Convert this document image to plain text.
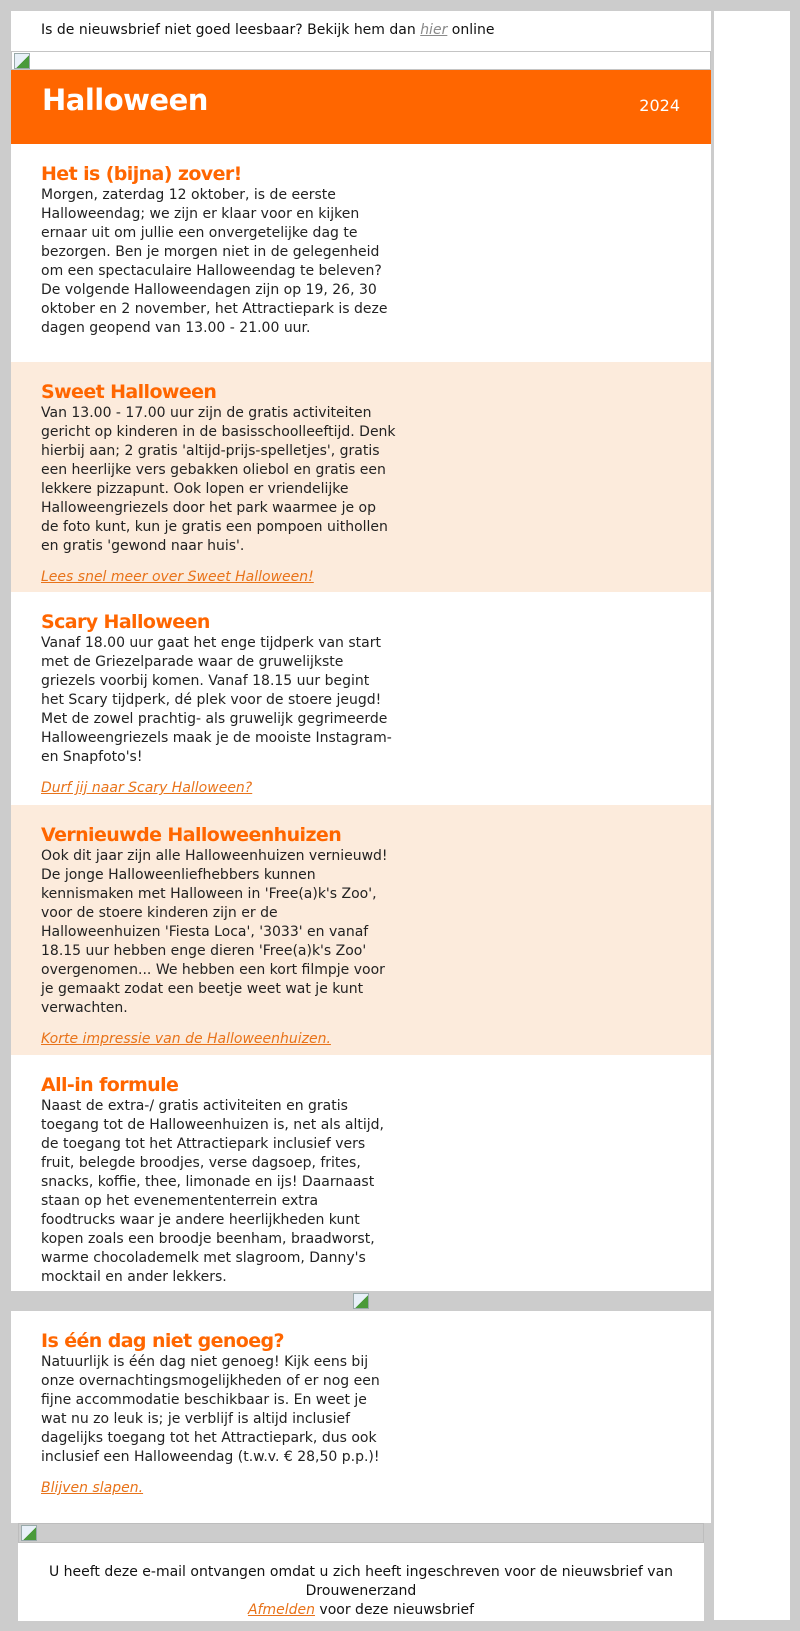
Is de nieuwsbrief niet goed leesbaar? Bekijk hem dan hier online
Halloween	2024
Het is (bijna) zover!

Morgen, zaterdag 12 oktober, is de eerste Halloweendag; we zijn er klaar voor en kijken ernaar uit om jullie een onvergetelijke dag te bezorgen. Ben je morgen niet in de gelegenheid om een spectaculaire Halloweendag te beleven? De volgende Halloweendagen zijn op 19, 26, 30 oktober en 2 november, het Attractiepark is deze dagen geopend van 13.00 - 21.00 uur.

Sweet Halloween

Van 13.00 - 17.00 uur zijn de gratis activiteiten gericht op kinderen in de basisschoolleeftijd. Denk hierbij aan; 2 gratis 'altijd-prijs-spelletjes', gratis een heerlijke vers gebakken oliebol en gratis een lekkere pizzapunt. Ook lopen er vriendelijke Halloweengriezels door het park waarmee je op de foto kunt, kun je gratis een pompoen uithollen en gratis 'gewond naar huis'.

Lees snel meer over Sweet Halloween!
Scary Halloween

Vanaf 18.00 uur gaat het enge tijdperk van start met de Griezelparade waar de gruwelijkste griezels voorbij komen. Vanaf 18.15 uur begint het Scary tijdperk, dé plek voor de stoere jeugd! Met de zowel prachtig- als gruwelijk gegrimeerde Halloweengriezels maak je de mooiste Instagram- en Snapfoto's!

Durf jij naar Scary Halloween?
Vernieuwde Halloweenhuizen

Ook dit jaar zijn alle Halloweenhuizen vernieuwd! De jonge Halloweenliefhebbers kunnen kennismaken met Halloween in 'Free(a)k's Zoo', voor de stoere kinderen zijn er de Halloweenhuizen 'Fiesta Loca', '3033' en vanaf 18.15 uur hebben enge dieren 'Free(a)k's Zoo' overgenomen... We hebben een kort filmpje voor je gemaakt zodat een beetje weet wat je kunt verwachten.

Korte impressie van de Halloweenhuizen.
All-in formule

Naast de extra-/ gratis activiteiten en gratis toegang tot de Halloweenhuizen is, net als altijd, de toegang tot het Attractiepark inclusief vers fruit, belegde broodjes, verse dagsoep, frites, snacks, koffie, thee, limonade en ijs! Daarnaast staan op het evenemententerrein extra foodtrucks waar je andere heerlijkheden kunt kopen zoals een broodje beenham, braadworst, warme chocolademelk met slagroom, Danny's mocktail en ander lekkers.

Is één dag niet genoeg?

Natuurlijk is één dag niet genoeg! Kijk eens bij onze overnachtingsmogelijkheden of er nog een fijne accommodatie beschikbaar is. En weet je wat nu zo leuk is; je verblijf is altijd inclusief dagelijks toegang tot het Attractiepark, dus ook inclusief een Halloweendag (t.w.v. € 28,50 p.p.)!

Blijven slapen.
U heeft deze e-mail ontvangen omdat u zich heeft ingeschreven voor de nieuwsbrief van Drouwenerzand
Afmelden voor deze nieuwsbrief
